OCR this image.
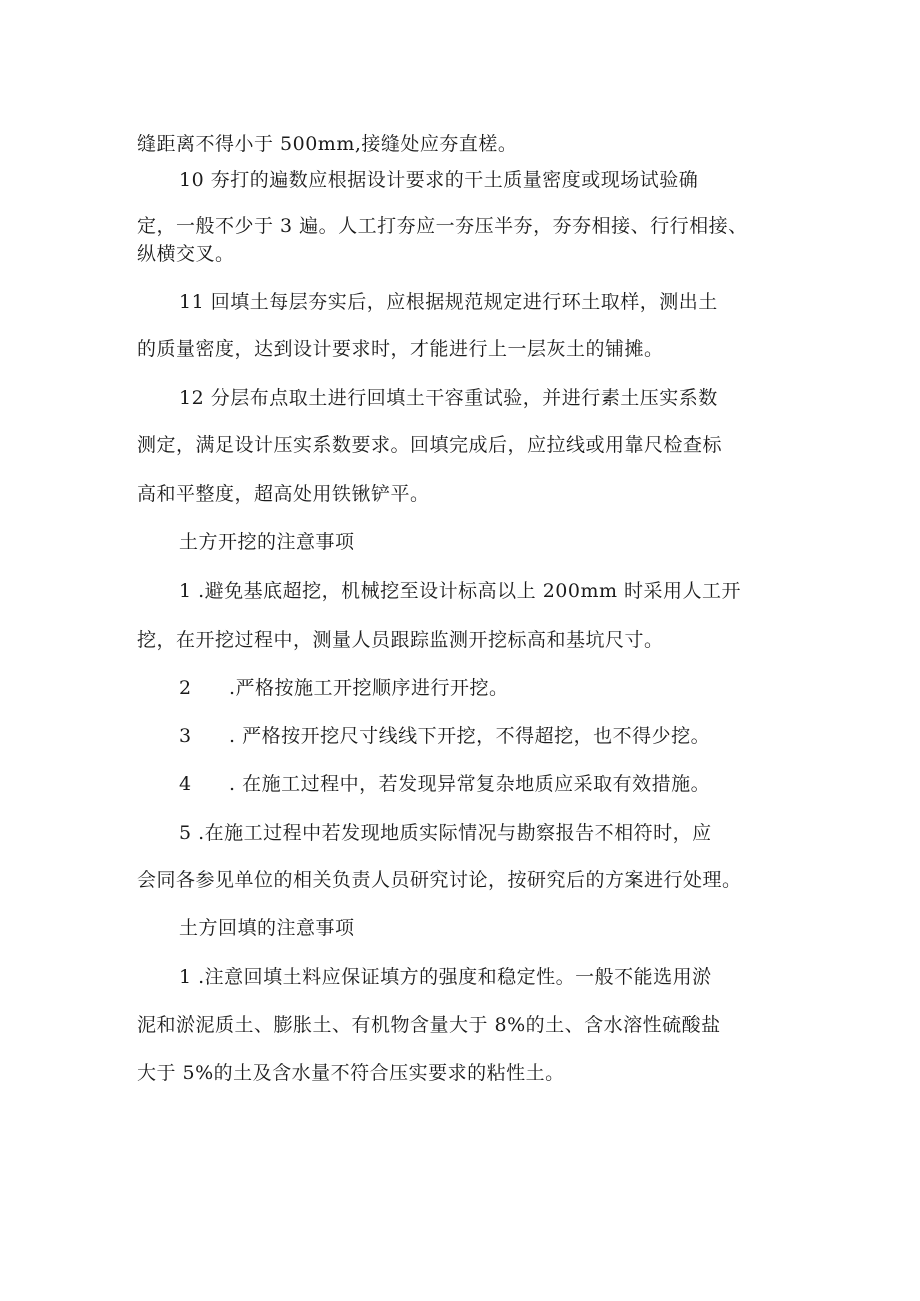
缝距离不得小于 500mm,接缝处应夯直槎。
10 夯打的遍数应根据设计要求的干土质量密度或现场试验确
定，一般不少于 3 遍。人工打夯应一夯压半夯，夯夯相接、行行相接、
纵横交叉。
11 回填土每层夯实后，应根据规范规定进行环土取样，测出土
的质量密度，达到设计要求时，才能进行上一层灰土的铺摊。
12 分层布点取土进行回填土干容重试验，并进行素土压实系数
测定，满足设计压实系数要求。回填完成后，应拉线或用靠尺检查标
高和平整度，超高处用铁锹铲平。
土方开挖的注意事项
1 .避免基底超挖，机械挖至设计标高以上 200mm 时采用人工开
挖，在开挖过程中，测量人员跟踪监测开挖标高和基坑尺寸。
2 .严格按施工开挖顺序进行开挖。
3 . 严格按开挖尺寸线线下开挖，不得超挖，也不得少挖。
4 . 在施工过程中，若发现异常复杂地质应采取有效措施。
5 .在施工过程中若发现地质实际情况与勘察报告不相符时，应
会同各参见单位的相关负责人员研究讨论，按研究后的方案进行处理。
土方回填的注意事项
1 .注意回填土料应保证填方的强度和稳定性。一般不能选用淤
泥和淤泥质土、膨胀土、有机物含量大于 8%的土、含水溶性硫酸盐
大于 5%的土及含水量不符合压实要求的粘性土。
